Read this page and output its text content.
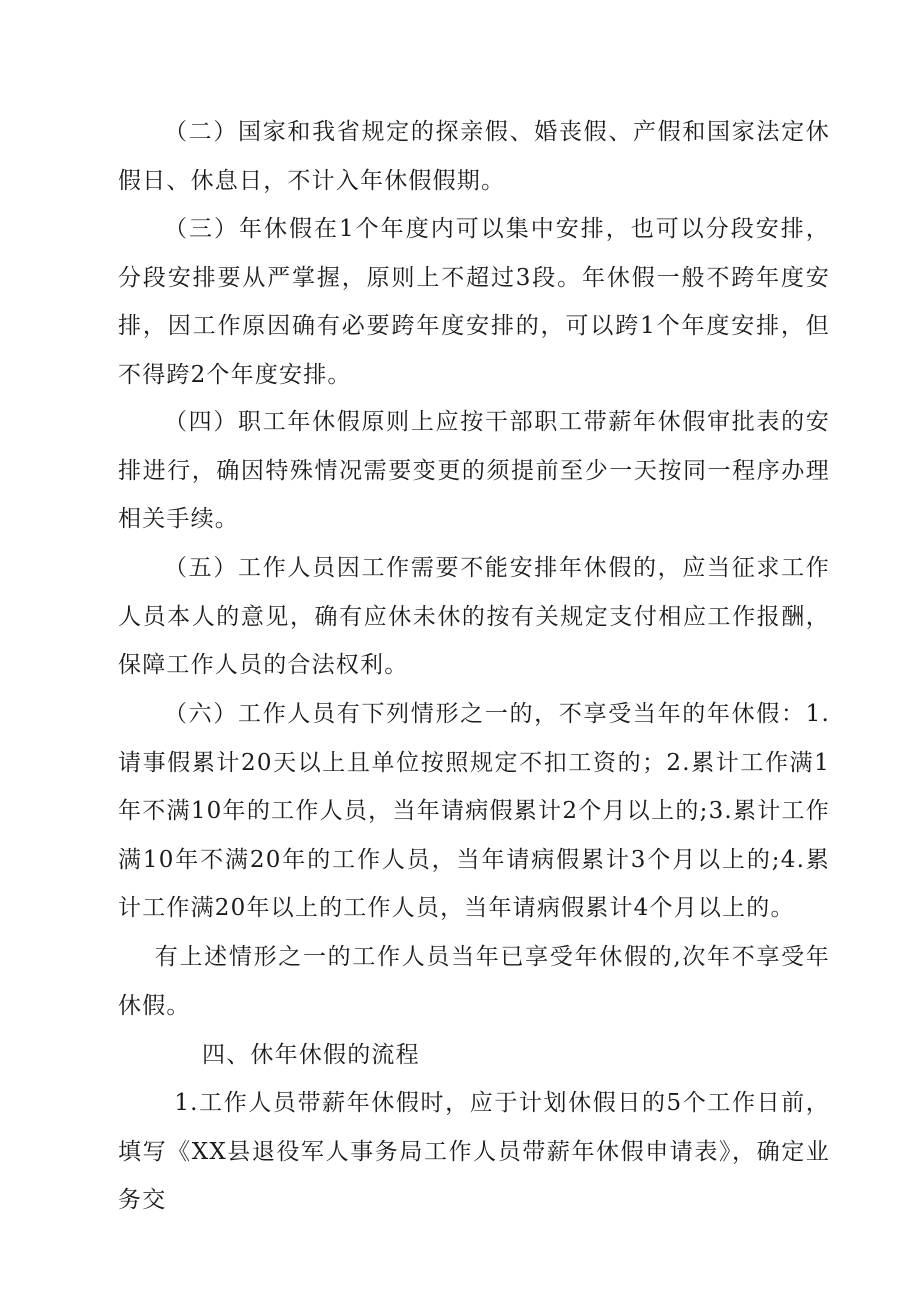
（二）国家和我省规定的探亲假、婚丧假、产假和国家法定休假日、休息日，不计入年休假假期。

（三）年休假在1个年度内可以集中安排，也可以分段安排，分段安排要从严掌握，原则上不超过3段。年休假一般不跨年度安排，因工作原因确有必要跨年度安排的，可以跨1个年度安排，但不得跨2个年度安排。

（四）职工年休假原则上应按干部职工带薪年休假审批表的安排进行，确因特殊情况需要变更的须提前至少一天按同一程序办理相关手续。

（五）工作人员因工作需要不能安排年休假的，应当征求工作人员本人的意见，确有应休未休的按有关规定支付相应工作报酬，保障工作人员的合法权利。

（六）工作人员有下列情形之一的，不享受当年的年休假：1.请事假累计20天以上且单位按照规定不扣工资的；2.累计工作满1年不满10年的工作人员，当年请病假累计2个月以上的;3.累计工作满10年不满20年的工作人员，当年请病假累计3个月以上的;4.累计工作满20年以上的工作人员，当年请病假累计4个月以上的。

有上述情形之一的工作人员当年已享受年休假的,次年不享受年休假。

四、休年休假的流程

1.工作人员带薪年休假时，应于计划休假日的5个工作日前，填写《XX县退役军人事务局工作人员带薪年休假申请表》，确定业务交
